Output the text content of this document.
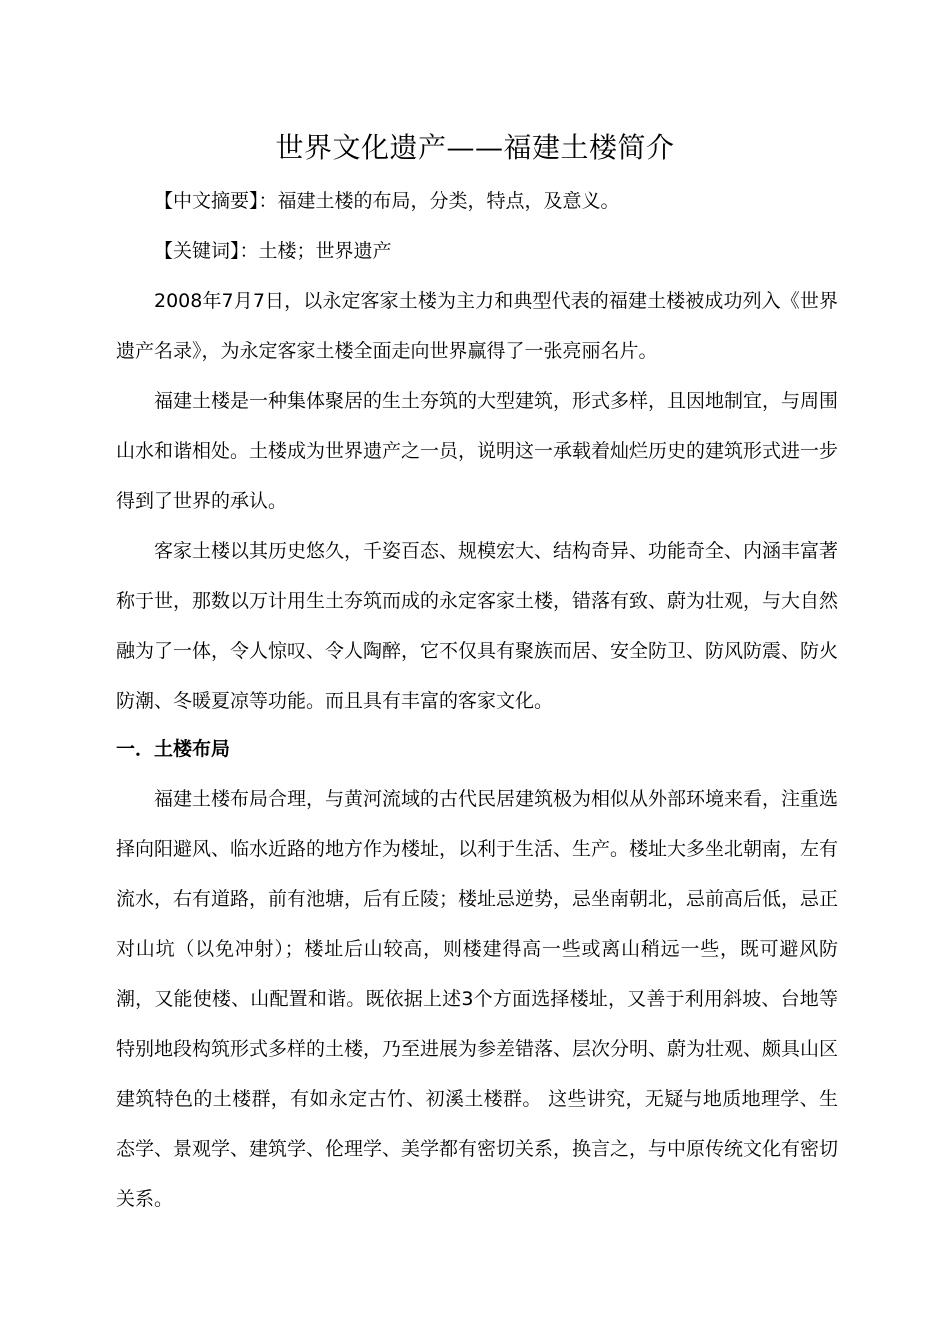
世界文化遗产——福建土楼简介

【中文摘要】：福建土楼的布局，分类，特点，及意义。

【关键词】：土楼；世界遗产

2008年7月7日，以永定客家土楼为主力和典型代表的福建土楼被成功列入《世界遗产名录》，为永定客家土楼全面走向世界赢得了一张亮丽名片。

福建土楼是一种集体聚居的生土夯筑的大型建筑，形式多样，且因地制宜，与周围山水和谐相处。土楼成为世界遗产之一员，说明这一承载着灿烂历史的建筑形式进一步得到了世界的承认。

客家土楼以其历史悠久，千姿百态、规模宏大、结构奇异、功能奇全、内涵丰富著称于世，那数以万计用生土夯筑而成的永定客家土楼，错落有致、蔚为壮观，与大自然融为了一体，令人惊叹、令人陶醉，它不仅具有聚族而居、安全防卫、防风防震、防火防潮、冬暖夏凉等功能。而且具有丰富的客家文化。

一．土楼布局

福建土楼布局合理，与黄河流域的古代民居建筑极为相似从外部环境来看，注重选择向阳避风、临水近路的地方作为楼址，以利于生活、生产。楼址大多坐北朝南，左有流水，右有道路，前有池塘，后有丘陵；楼址忌逆势，忌坐南朝北，忌前高后低，忌正对山坑（以免冲射）；楼址后山较高，则楼建得高一些或离山稍远一些，既可避风防潮，又能使楼、山配置和谐。既依据上述3个方面选择楼址，又善于利用斜坡、台地等特别地段构筑形式多样的土楼，乃至进展为参差错落、层次分明、蔚为壮观、颇具山区建筑特色的土楼群，有如永定古竹、初溪土楼群。 这些讲究，无疑与地质地理学、生态学、景观学、建筑学、伦理学、美学都有密切关系，换言之，与中原传统文化有密切关系。
